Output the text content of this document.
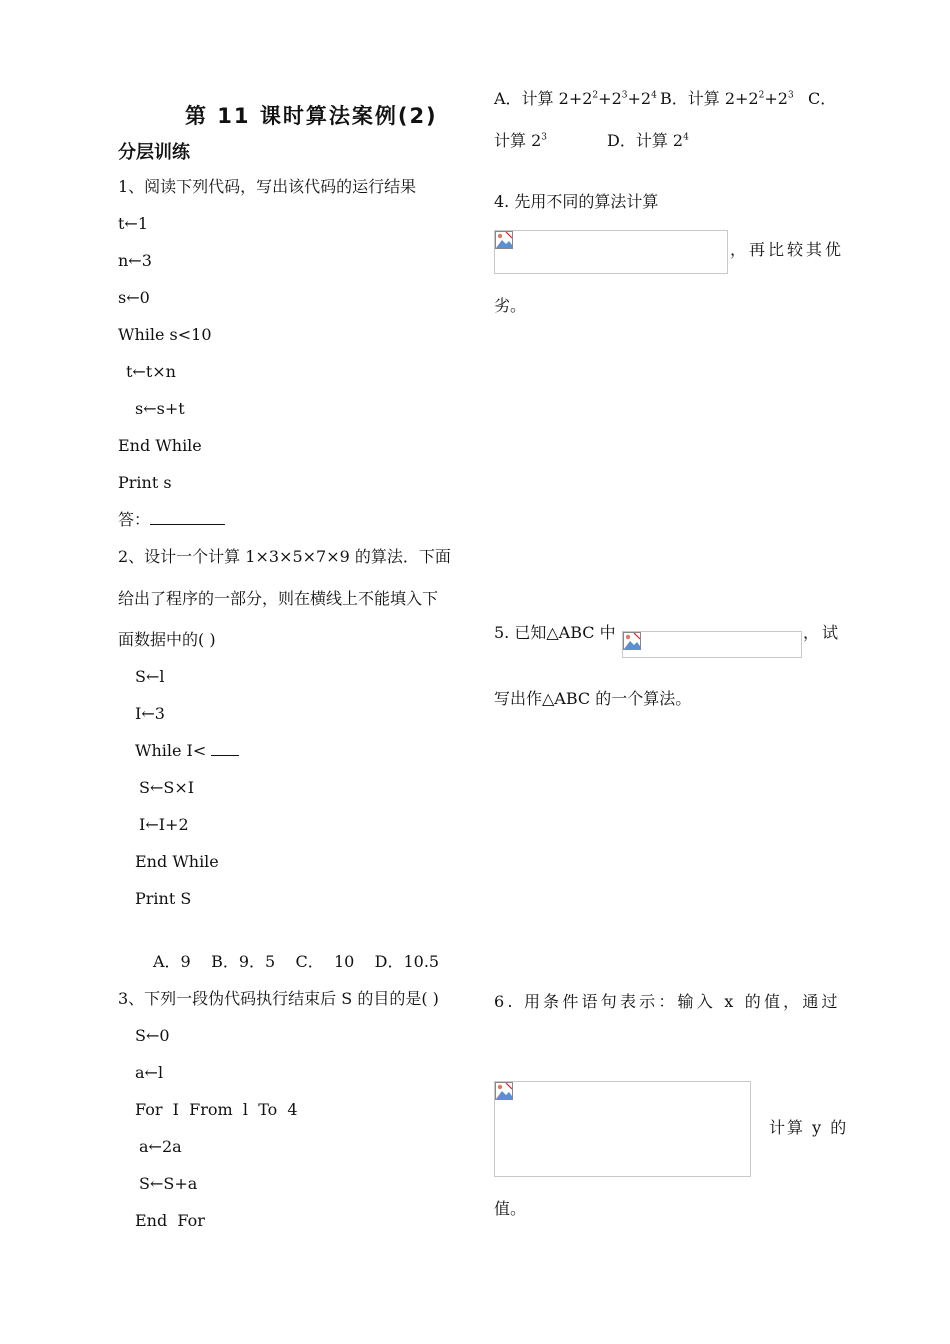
第 11 课时算法案例(2)
分层训练
1、阅读下列代码，写出该代码的运行结果
t←1
n←3
s←0
While s<10
t←t×n
s←s+t
End While
Print s
答：
2、设计一个计算 1×3×5×7×9 的算法．下面
给出了程序的一部分，则在横线上不能填入下
面数据中的( )
S←l
I←3
While I<
S←S×I
I←I+2
End While
Print S
A．9    B．9．5    C．  10    D．10.5
3、下列一段伪代码执行结束后 S 的目的是( )
S←0
a←l
For  I  From  l  To  4
a←2a
S←S+a
End  For
A．计算 $2+2^2+2^3+2^4$ B．计算 $2+2^2+2^3$ C．
计算 $2^3$	D．计算 $2^4$
4. 先用不同的算法计算
，再比较其优
劣。
5. 已知△ABC 中	，试
写出作△ABC 的一个算法。
6. 用条件语句表示：输入 x 的值，通过
计算 y 的
值。
